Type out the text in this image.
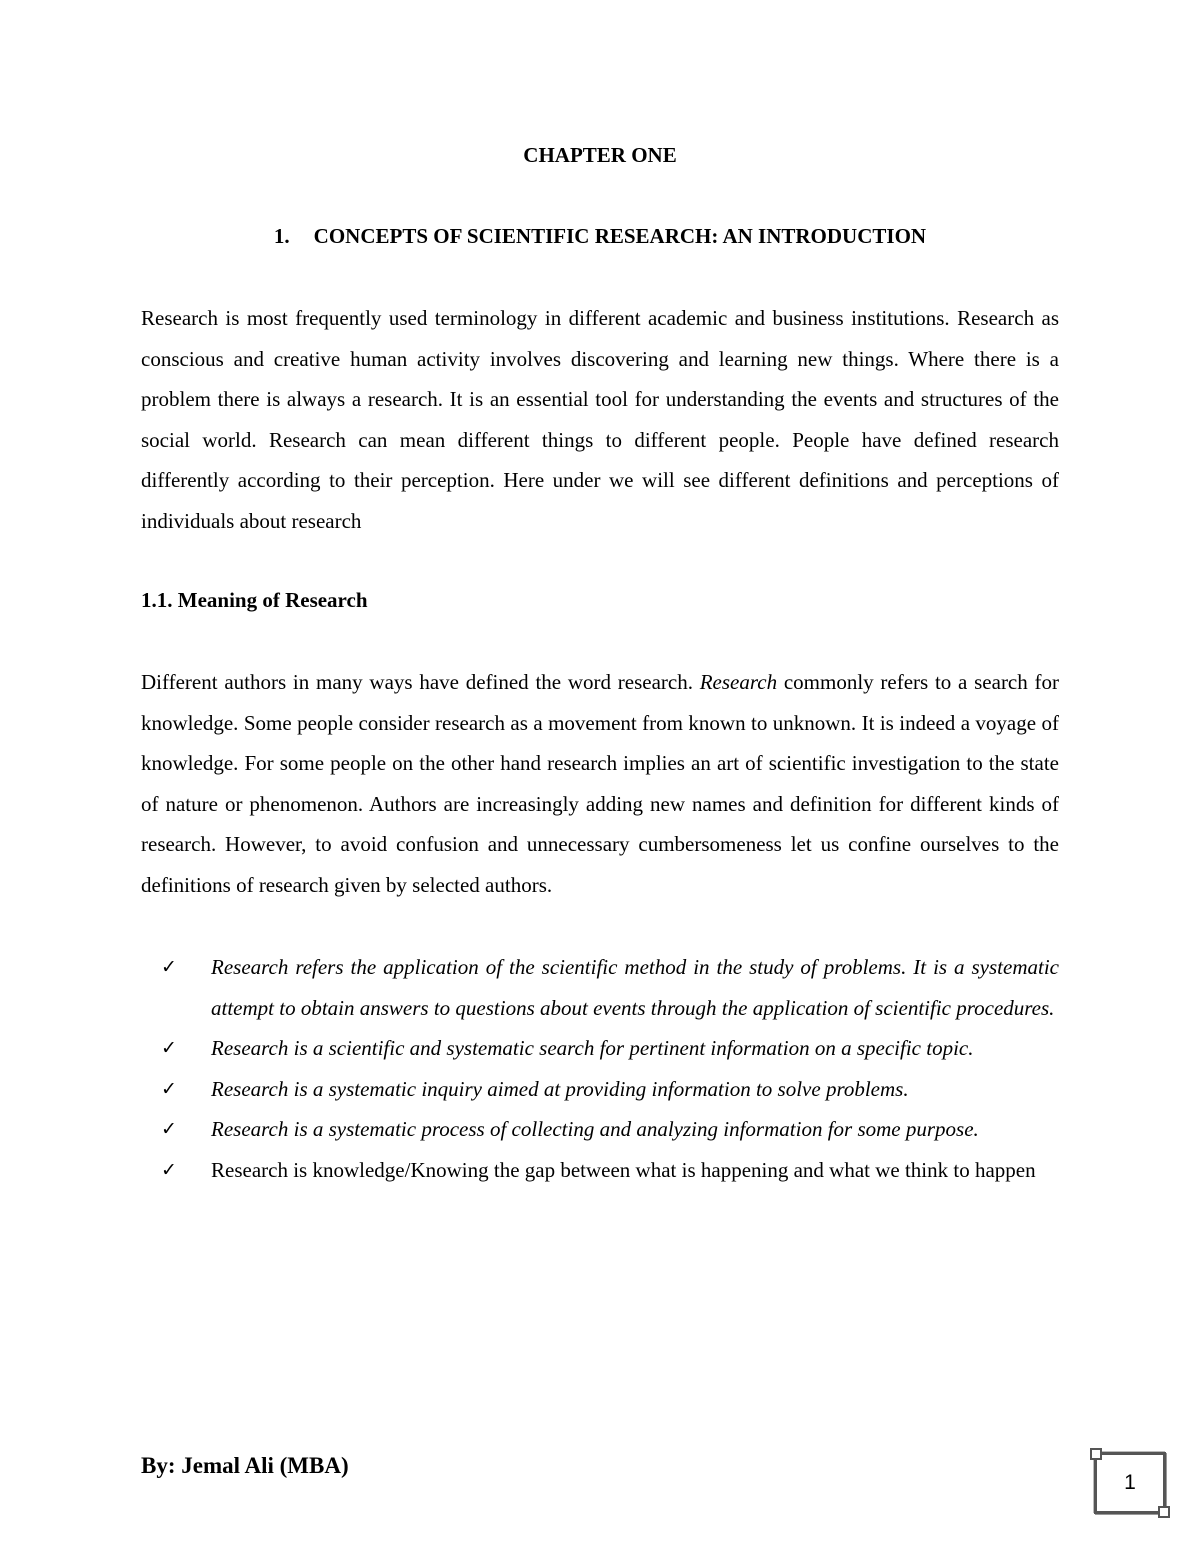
CHAPTER ONE
1. CONCEPTS OF SCIENTIFIC RESEARCH: AN INTRODUCTION

Research is most frequently used terminology in different academic and business institutions. Research as conscious and creative human activity involves discovering and learning new things. Where there is a problem there is always a research. It is an essential tool for understanding the events and structures of the social world. Research can mean different things to different people. People have defined research differently according to their perception. Here under we will see different definitions and perceptions of individuals about research

1.1. Meaning of Research

Different authors in many ways have defined the word research. Research commonly refers to a search for knowledge. Some people consider research as a movement from known to unknown. It is indeed a voyage of knowledge. For some people on the other hand research implies an art of scientific investigation to the state of nature or phenomenon. Authors are increasingly adding new names and definition for different kinds of research. However, to avoid confusion and unnecessary cumbersomeness let us confine ourselves to the definitions of research given by selected authors.

✓ Research refers the application of the scientific method in the study of problems. It is a systematic attempt to obtain answers to questions about events through the application of scientific procedures.
✓ Research is a scientific and systematic search for pertinent information on a specific topic.
✓ Research is a systematic inquiry aimed at providing information to solve problems.
✓ Research is a systematic process of collecting and analyzing information for some purpose.
✓ Research is knowledge/Knowing the gap between what is happening and what we think to happen
By: Jemal Ali (MBA)
1
